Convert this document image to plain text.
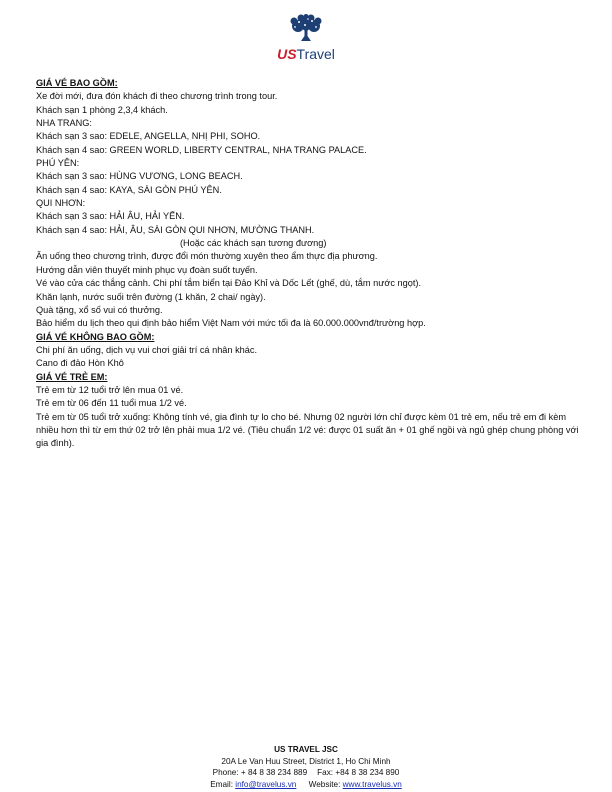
USTravel
GIÁ VÉ BAO GỒM:
Xe đời mới, đưa đón khách đi theo chương trình trong tour.
Khách sạn 1 phòng 2,3,4 khách.
NHA TRANG:
Khách sạn 3 sao: EDELE, ANGELLA, NHỊ PHI, SOHO.
Khách sạn 4 sao: GREEN WORLD, LIBERTY CENTRAL, NHA TRANG PALACE.
PHÚ YÊN:
Khách sạn 3 sao: HÙNG VƯƠNG, LONG BEACH.
Khách sạn 4 sao: KAYA, SÀI GÒN PHÚ YÊN.
QUI NHƠN:
Khách sạn 3 sao: HẢI ÂU, HẢI YẾN.
Khách sạn 4 sao: HẢI, ÂU, SÀI GÒN QUI NHƠN, MƯỜNG THANH.
(Hoặc các khách sạn tương đương)
Ăn uống theo chương trình, được đổi món thường xuyên theo ẩm thực địa phương.
Hướng dẫn viên thuyết minh phục vụ đoàn suốt tuyến.
Vé vào cửa các thắng cảnh. Chi phí tắm biển tại Đảo Khỉ và Dốc Lết (ghế, dù, tắm nước ngọt).
Khăn lạnh, nước suối trên đường (1 khăn, 2 chai/ ngày).
Quà tặng, xổ số vui có thưởng.
Bảo hiểm du lịch theo qui định bảo hiểm Việt Nam với mức tối đa là 60.000.000vnđ/trường hợp.
GIÁ VÉ KHÔNG BAO GỒM:
Chi phí ăn uống, dịch vụ vui chơi giải trí cá nhân khác.
Cano đi đảo Hòn Khô
GIÁ VÉ TRẺ EM:
Trẻ em từ 12 tuổi trở lên mua 01 vé.
Trẻ em từ 06 đến 11 tuổi mua 1/2 vé.
Trẻ em từ 05 tuổi trở xuống: Không tính vé, gia đình tự lo cho bé. Nhưng 02 người lớn chỉ được kèm 01 trẻ em, nếu trẻ em đi kèm nhiều hơn thì từ em thứ 02 trở lên phải mua 1/2 vé. (Tiêu chuẩn 1/2 vé: được 01 suất ăn + 01 ghế ngồi và ngủ ghép chung phòng với gia đình).
US TRAVEL JSC
20A Le Van Huu Street, District 1, Ho Chi Minh
Phone: + 84 8 38 234 889 Fax: +84 8 38 234 890
Email: info@travelus.vn Website: www.travelus.vn
